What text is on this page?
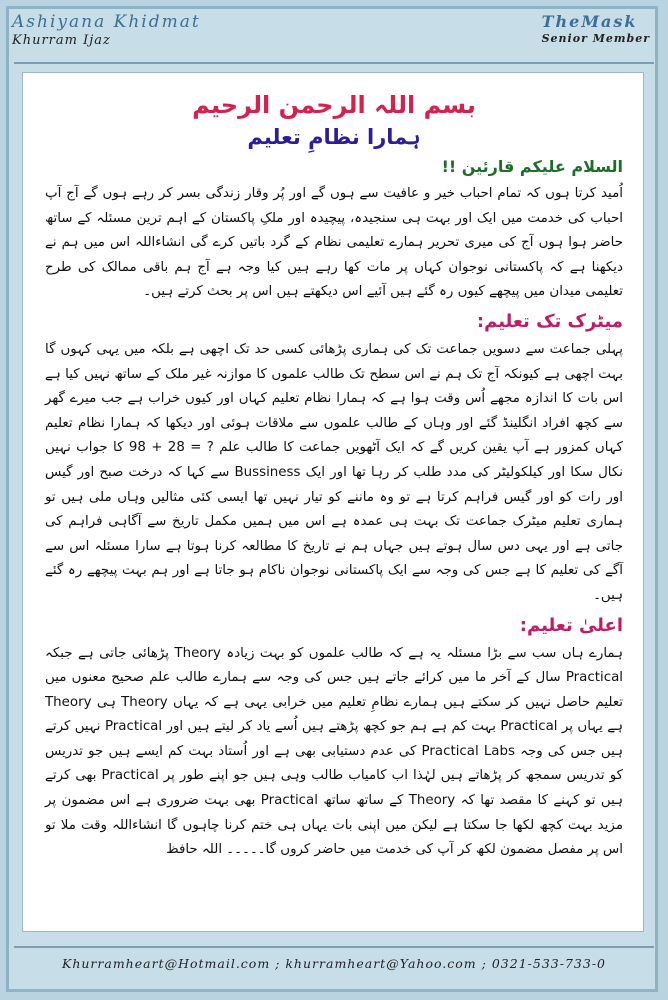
Ashiyana Khidmat
Khurram Ijaz
TheMask
Senior Member
بسم اللہ الرحمن الرحیم
ہمارا نظامِ تعلیم
السلام علیکم قارئین !!

اُمید کرتا ہوں کہ تمام احباب خیر و عافیت سے ہوں گے اور پُر وقار زندگی بسر کر رہے ہوں گے آج آپ احباب کی خدمت میں ایک اور بہت ہی سنجیدہ، پیچیدہ اور ملکِ پاکستان کے اہم ترین مسئلہ کے ساتھ حاضر ہوا ہوں آج کی میری تحریر ہمارے تعلیمی نظام کے گرد باتیں کرے گی انشاءاللہ اس میں ہم نے دیکھنا ہے کہ پاکستانی نوجوان کہاں پر مات کھا رہے ہیں کیا وجہ ہے آج ہم باقی ممالک کی طرح تعلیمی میدان میں پیچھے کیوں رہ گئے ہیں آئیے اس دیکھتے ہیں اس پر بحث کرتے ہیں۔

میٹرک تک تعلیم:

پہلی جماعت سے دسویں جماعت تک کی ہماری پڑھائی کسی حد تک اچھی ہے بلکہ میں یہی کہوں گا بہت اچھی ہے کیونکہ آج تک ہم نے اس سطح تک طالب علموں کا موازنہ غیر ملک کے ساتھ نہیں کیا ہے اس بات کا اندازہ مجھے اُس وقت ہوا ہے کہ ہمارا نظام تعلیم کہاں اور کیوں خراب ہے جب میرے گھر سے کچھ افراد انگلینڈ گئے اور وہاں کے طالب علموں سے ملاقات ہوئی اور دیکھا کہ ہمارا نظام تعلیم کہاں کمزور ہے آپ یقین کریں گے کہ ایک آٹھویں جماعت کا طالب علم ? = 28 + 98 کا جواب نہیں نکال سکا اور کیلکولیٹر کی مدد طلب کر رہا تھا اور ایک Bussiness سے کہا کہ درخت صبح اور گیس اور رات کو اور گیس فراہم کرتا ہے تو وہ ماننے کو تیار نہیں تھا ایسی کئی مثالیں وہاں ملی ہیں تو ہماری تعلیم میٹرک جماعت تک بہت ہی عمدہ ہے اس میں ہمیں مکمل تاریخ سے آگاہی فراہم کی جاتی ہے اور یہی دس سال ہوتے ہیں جہاں ہم نے تاریخ کا مطالعہ کرنا ہوتا ہے سارا مسئلہ اس سے آگے کی تعلیم کا ہے جس کی وجہ سے ایک پاکستانی نوجوان ناکام ہو جاتا ہے اور ہم بہت پیچھے رہ گئے ہیں۔

اعلیٰ تعلیم:

ہمارے ہاں سب سے بڑا مسئلہ یہ ہے کہ طالب علموں کو بہت زیادہ Theory پڑھائی جاتی ہے جبکہ Practical سال کے آخر ما میں کرائے جاتے ہیں جس کی وجہ سے ہمارے طالب علم صحیح معنوں میں تعلیم حاصل نہیں کر سکتے ہیں ہمارے نظامِ تعلیم میں خرابی یہی ہے کہ یہاں Theory ہی Theory ہے یہاں پر Practical بہت کم ہے ہم جو کچھ پڑھتے ہیں اُسے یاد کر لیتے ہیں اور Practical نہیں کرتے ہیں جس کی وجہ Practical Labs کی عدم دستیابی بھی ہے اور اُستاد بہت کم ایسے ہیں جو تدریس کو تدریس سمجھ کر پڑھاتے ہیں لہٰذا اب کامیاب طالب وہی ہیں جو اپنے طور پر Practical بھی کرتے ہیں تو کہنے کا مقصد تھا کہ Theory کے ساتھ ساتھ Practical بھی بہت ضروری ہے اس مضمون پر مزید بہت کچھ لکھا جا سکتا ہے لیکن میں اپنی بات یہاں ہی ختم کرنا چاہوں گا انشاءاللہ وقت ملا تو اس پر مفصل مضمون لکھ کر آپ کی خدمت میں حاضر کروں گا۔۔۔۔۔ اللہ حافظ

Khurramheart@Hotmail.com ; khurramheart@Yahoo.com ; 0321-533-733-0
